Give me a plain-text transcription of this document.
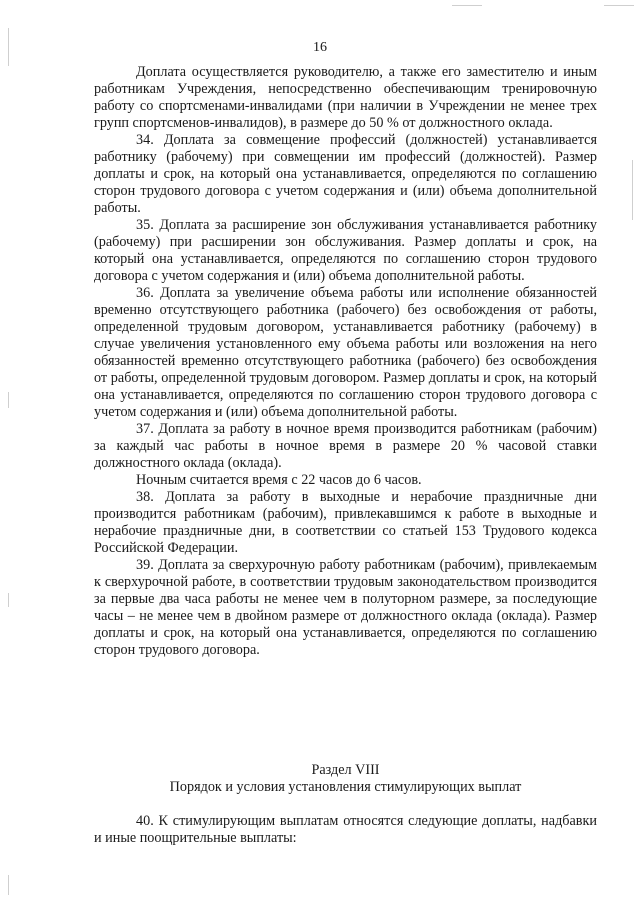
16

Доплата осуществляется руководителю, а также его заместителю и иным работникам Учреждения, непосредственно обеспечивающим тренировочную работу со спортсменами-инвалидами (при наличии в Учреждении не менее трех групп спортсменов-инвалидов), в размере до 50 % от должностного оклада.

34. Доплата за совмещение профессий (должностей) устанавливается работнику (рабочему) при совмещении им профессий (должностей). Размер доплаты и срок, на который она устанавливается, определяются по соглашению сторон трудового договора с учетом содержания и (или) объема дополнительной работы.

35. Доплата за расширение зон обслуживания устанавливается работнику (рабочему) при расширении зон обслуживания. Размер доплаты и срок, на который она устанавливается, определяются по соглашению сторон трудового договора с учетом содержания и (или) объема дополнительной работы.

36. Доплата за увеличение объема работы или исполнение обязанностей временно отсутствующего работника (рабочего) без освобождения от работы, определенной трудовым договором, устанавливается работнику (рабочему) в случае увеличения установленного ему объема работы или возложения на него обязанностей временно отсутствующего работника (рабочего) без освобождения от работы, определенной трудовым договором. Размер доплаты и срок, на который она устанавливается, определяются по соглашению сторон трудового договора с учетом содержания и (или) объема дополнительной работы.

37. Доплата за работу в ночное время производится работникам (рабочим) за каждый час работы в ночное время в размере 20 % часовой ставки должностного оклада (оклада).

Ночным считается время с 22 часов до 6 часов.

38. Доплата за работу в выходные и нерабочие праздничные дни производится работникам (рабочим), привлекавшимся к работе в выходные и нерабочие праздничные дни, в соответствии со статьей 153 Трудового кодекса Российской Федерации.

39. Доплата за сверхурочную работу работникам (рабочим), привлекаемым к сверхурочной работе, в соответствии трудовым законодательством производится за первые два часа работы не менее чем в полуторном размере, за последующие часы – не менее чем в двойном размере от должностного оклада (оклада). Размер доплаты и срок, на который она устанавливается, определяются по соглашению сторон трудового договора.

Раздел VIII
Порядок и условия установления стимулирующих выплат

40. К стимулирующим выплатам относятся следующие доплаты, надбавки и иные поощрительные выплаты:
